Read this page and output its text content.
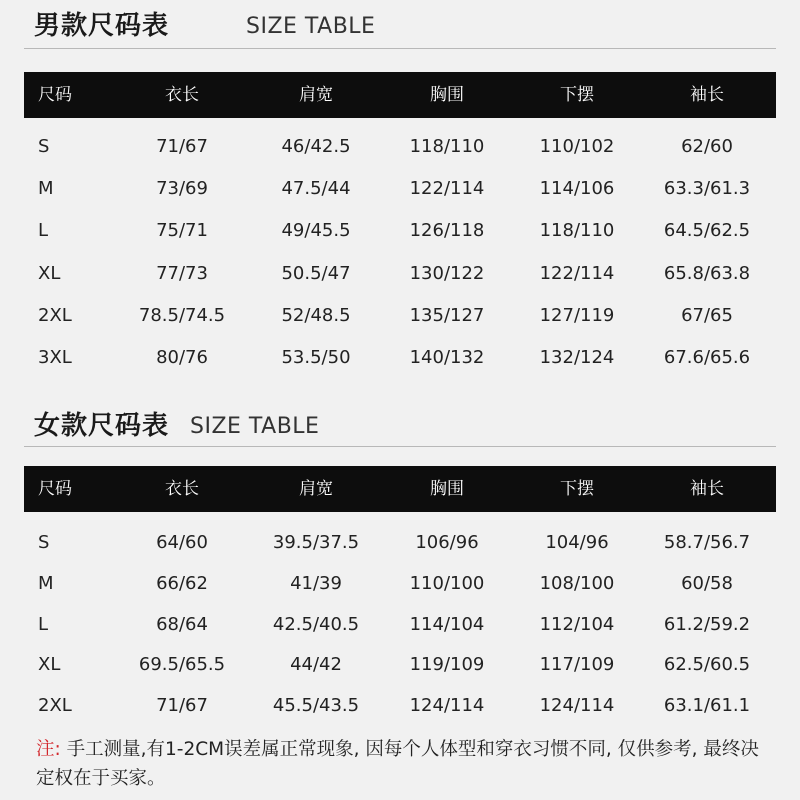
男款尺码表	SIZE TABLE
尺码	衣长	肩宽	胸围	下摆	袖长
S	71/67	46/42.5	118/110	110/102	62/60
M	73/69	47.5/44	122/114	114/106	63.3/61.3
L	75/71	49/45.5	126/118	118/110	64.5/62.5
XL	77/73	50.5/47	130/122	122/114	65.8/63.8
2XL	78.5/74.5	52/48.5	135/127	127/119	67/65
3XL	80/76	53.5/50	140/132	132/124	67.6/65.6
女款尺码表 SIZE TABLE
尺码	衣长	肩宽	胸围	下摆	袖长
S	64/60	39.5/37.5	106/96	104/96	58.7/56.7
M	66/62	41/39	110/100	108/100	60/58
L	68/64	42.5/40.5	114/104	112/104	61.2/59.2
XL	69.5/65.5	44/42	119/109	117/109	62.5/60.5
2XL	71/67	45.5/43.5	124/114	124/114	63.1/61.1
注: 手工测量,有1-2CM误差属正常现象, 因每个人体型和穿衣习惯不同, 仅供参考, 最终决定权在于买家。
